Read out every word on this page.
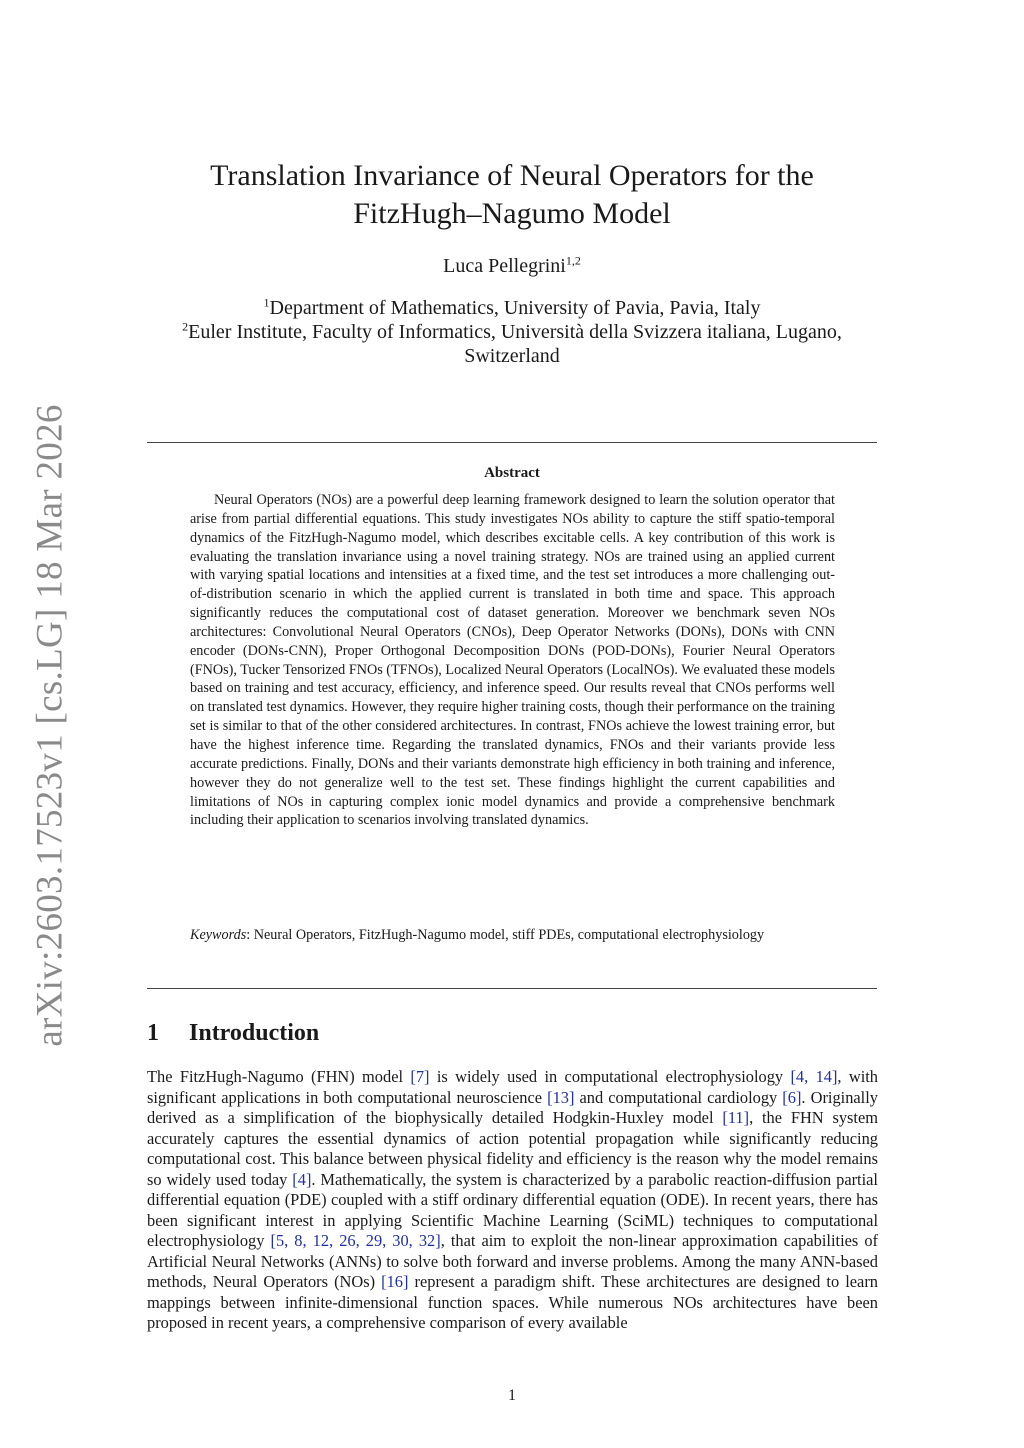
arXiv:2603.17523v1 [cs.LG] 18 Mar 2026
Translation Invariance of Neural Operators for the
FitzHugh–Nagumo Model
Luca Pellegrini$^{1,2}$
$^1$Department of Mathematics, University of Pavia, Pavia, Italy
$^2$Euler Institute, Faculty of Informatics, Università della Svizzera italiana, Lugano, Switzerland
Abstract

Neural Operators (NOs) are a powerful deep learning framework designed to learn the solution operator that arise from partial differential equations. This study investigates NOs ability to capture the stiff spatio-temporal dynamics of the FitzHugh-Nagumo model, which describes excitable cells. A key contribution of this work is evaluating the translation invariance using a novel training strategy. NOs are trained using an applied current with varying spatial locations and intensities at a fixed time, and the test set introduces a more challenging out-of-distribution scenario in which the applied current is translated in both time and space. This approach significantly reduces the computational cost of dataset generation. Moreover we benchmark seven NOs architectures: Convolutional Neural Operators (CNOs), Deep Operator Networks (DONs), DONs with CNN encoder (DONs-CNN), Proper Orthogonal Decomposition DONs (POD-DONs), Fourier Neural Operators (FNOs), Tucker Tensorized FNOs (TFNOs), Localized Neural Operators (LocalNOs). We evaluated these models based on training and test accuracy, efficiency, and inference speed. Our results reveal that CNOs performs well on translated test dynamics. However, they require higher training costs, though their performance on the training set is similar to that of the other considered architectures. In contrast, FNOs achieve the lowest training error, but have the highest inference time. Regarding the translated dynamics, FNOs and their variants provide less accurate predictions. Finally, DONs and their variants demonstrate high efficiency in both training and inference, however they do not generalize well to the test set. These findings highlight the current capabilities and limitations of NOs in capturing complex ionic model dynamics and provide a comprehensive benchmark including their application to scenarios involving translated dynamics.

Keywords: Neural Operators, FitzHugh-Nagumo model, stiff PDEs, computational electrophysiology
1 Introduction

The FitzHugh-Nagumo (FHN) model [7] is widely used in computational electrophysiology [4, 14], with significant applications in both computational neuroscience [13] and computational cardiology [6]. Originally derived as a simplification of the biophysically detailed Hodgkin-Huxley model [11], the FHN system accurately captures the essential dynamics of action potential propagation while significantly reducing computational cost. This balance between physical fidelity and efficiency is the reason why the model remains so widely used today [4]. Mathematically, the system is characterized by a parabolic reaction-diffusion partial differential equation (PDE) coupled with a stiff ordinary differential equation (ODE). In recent years, there has been significant interest in applying Scientific Machine Learning (SciML) techniques to computational electrophysiology [5, 8, 12, 26, 29, 30, 32], that aim to exploit the non-linear approximation capabilities of Artificial Neural Networks (ANNs) to solve both forward and inverse problems. Among the many ANN-based methods, Neural Operators (NOs) [16] represent a paradigm shift. These architectures are designed to learn mappings between infinite-dimensional function spaces. While numerous NOs architectures have been proposed in recent years, a comprehensive comparison of every available

1
